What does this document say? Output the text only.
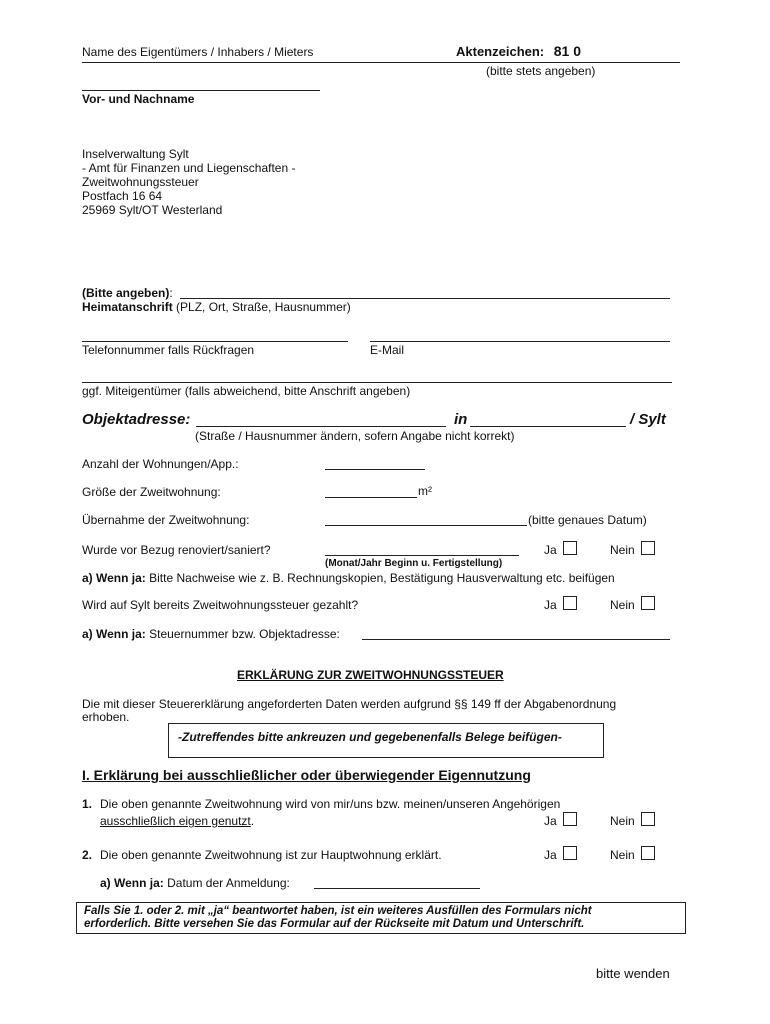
Name des Eigentümers / Inhabers / Mieters	Aktenzeichen: 81 0
(bitte stets angeben)
Vor- und Nachname
Inselverwaltung Sylt
- Amt für Finanzen und Liegenschaften -
Zweitwohnungssteuer
Postfach 16 64
25969 Sylt/OT Westerland
(Bitte angeben):
Heimatanschrift (PLZ, Ort, Straße, Hausnummer)
Telefonnummer falls Rückfragen	E-Mail
ggf. Miteigentümer (falls abweichend, bitte Anschrift angeben)
Objektadresse:	in	/ Sylt
(Straße / Hausnummer ändern, sofern Angabe nicht korrekt)
Anzahl der Wohnungen/App.:
Größe der Zweitwohnung:	m²
Übernahme der Zweitwohnung:	(bitte genaues Datum)
Wurde vor Bezug renoviert/saniert?	Ja	Nein
(Monat/Jahr Beginn u. Fertigstellung)
a) Wenn ja: Bitte Nachweise wie z. B. Rechnungskopien, Bestätigung Hausverwaltung etc. beifügen
Wird auf Sylt bereits Zweitwohnungssteuer gezahlt?	Ja	Nein
a) Wenn ja: Steuernummer bzw. Objektadresse:
ERKLÄRUNG ZUR ZWEITWOHNUNGSSTEUER
Die mit dieser Steuererklärung angeforderten Daten werden aufgrund §§ 149 ff der Abgabenordnung
erhoben.
-Zutreffendes bitte ankreuzen und gegebenenfalls Belege beifügen-
I. Erklärung bei ausschließlicher oder überwiegender Eigennutzung
1. Die oben genannte Zweitwohnung wird von mir/uns bzw. meinen/unseren Angehörigen
ausschließlich eigen genutzt.	Ja	Nein
2. Die oben genannte Zweitwohnung ist zur Hauptwohnung erklärt.	Ja	Nein
a) Wenn ja: Datum der Anmeldung:
Falls Sie 1. oder 2. mit „ja“ beantwortet haben, ist ein weiteres Ausfüllen des Formulars nicht
erforderlich. Bitte versehen Sie das Formular auf der Rückseite mit Datum und Unterschrift.
bitte wenden
